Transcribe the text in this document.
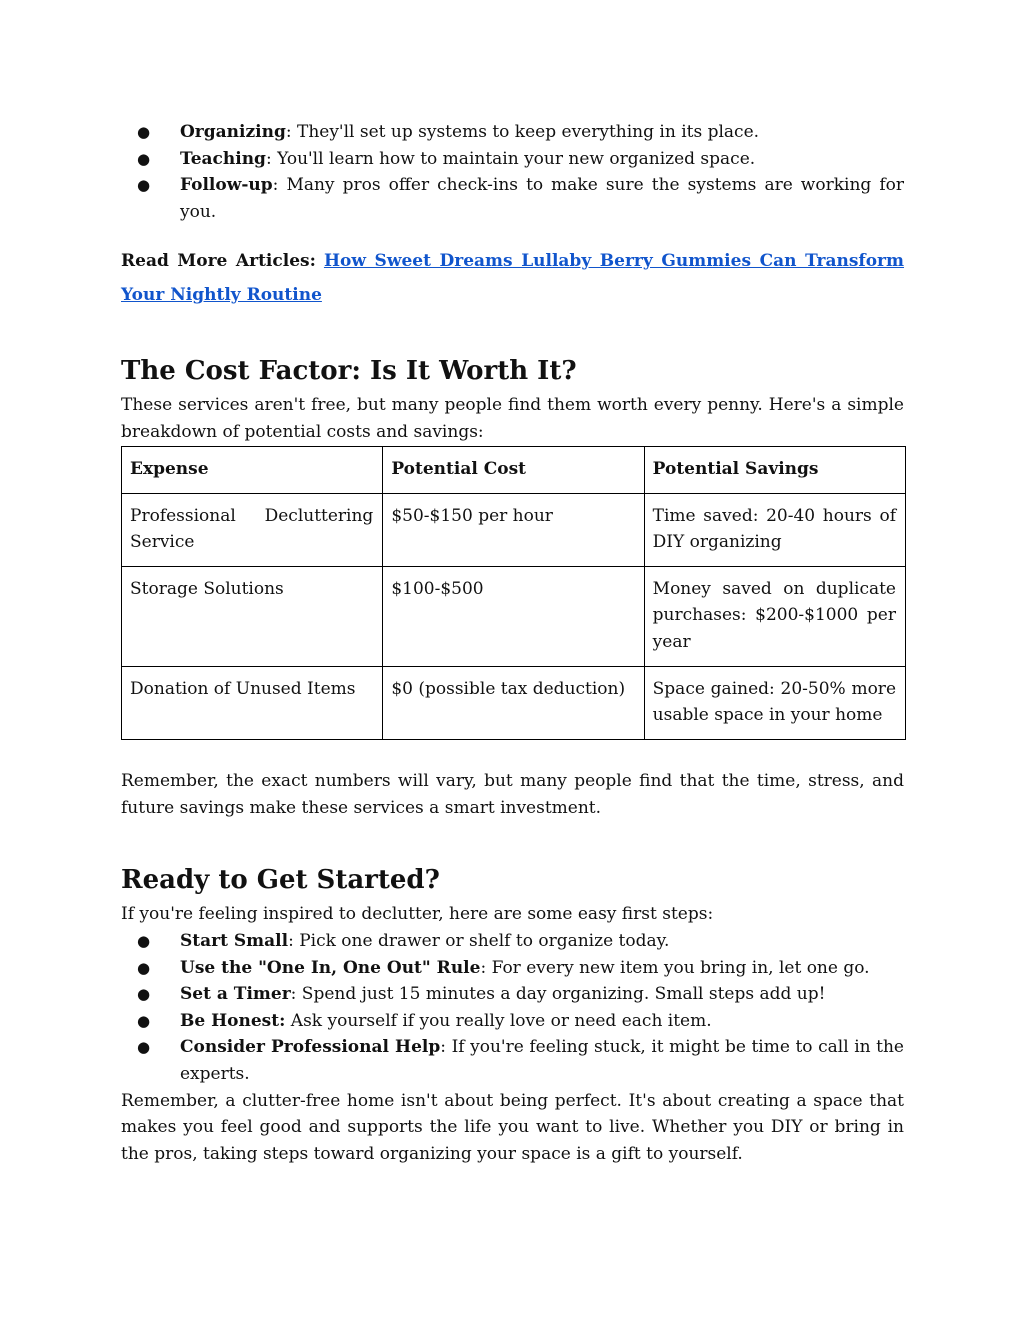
● Organizing: They'll set up systems to keep everything in its place.
● Teaching: You'll learn how to maintain your new organized space.
● Follow-up: Many pros offer check-ins to make sure the systems are working for you.

Read More Articles: How Sweet Dreams Lullaby Berry Gummies Can Transform Your Nightly Routine

The Cost Factor: Is It Worth It?

These services aren't free, but many people find them worth every penny. Here's a simple breakdown of potential costs and savings:

Expense	Potential Cost	Potential Savings
Professional Decluttering Service	$50-$150 per hour	Time saved: 20-40 hours of DIY organizing
Storage Solutions	$100-$500	Money saved on duplicate purchases: $200-$1000 per year
Donation of Unused Items	$0 (possible tax deduction)	Space gained: 20-50% more usable space in your home

Remember, the exact numbers will vary, but many people find that the time, stress, and future savings make these services a smart investment.

Ready to Get Started?

If you're feeling inspired to declutter, here are some easy first steps:

● Start Small: Pick one drawer or shelf to organize today.
● Use the "One In, One Out" Rule: For every new item you bring in, let one go.
● Set a Timer: Spend just 15 minutes a day organizing. Small steps add up!
● Be Honest: Ask yourself if you really love or need each item.
● Consider Professional Help: If you're feeling stuck, it might be time to call in the experts.

Remember, a clutter-free home isn't about being perfect. It's about creating a space that makes you feel good and supports the life you want to live. Whether you DIY or bring in the pros, taking steps toward organizing your space is a gift to yourself.
